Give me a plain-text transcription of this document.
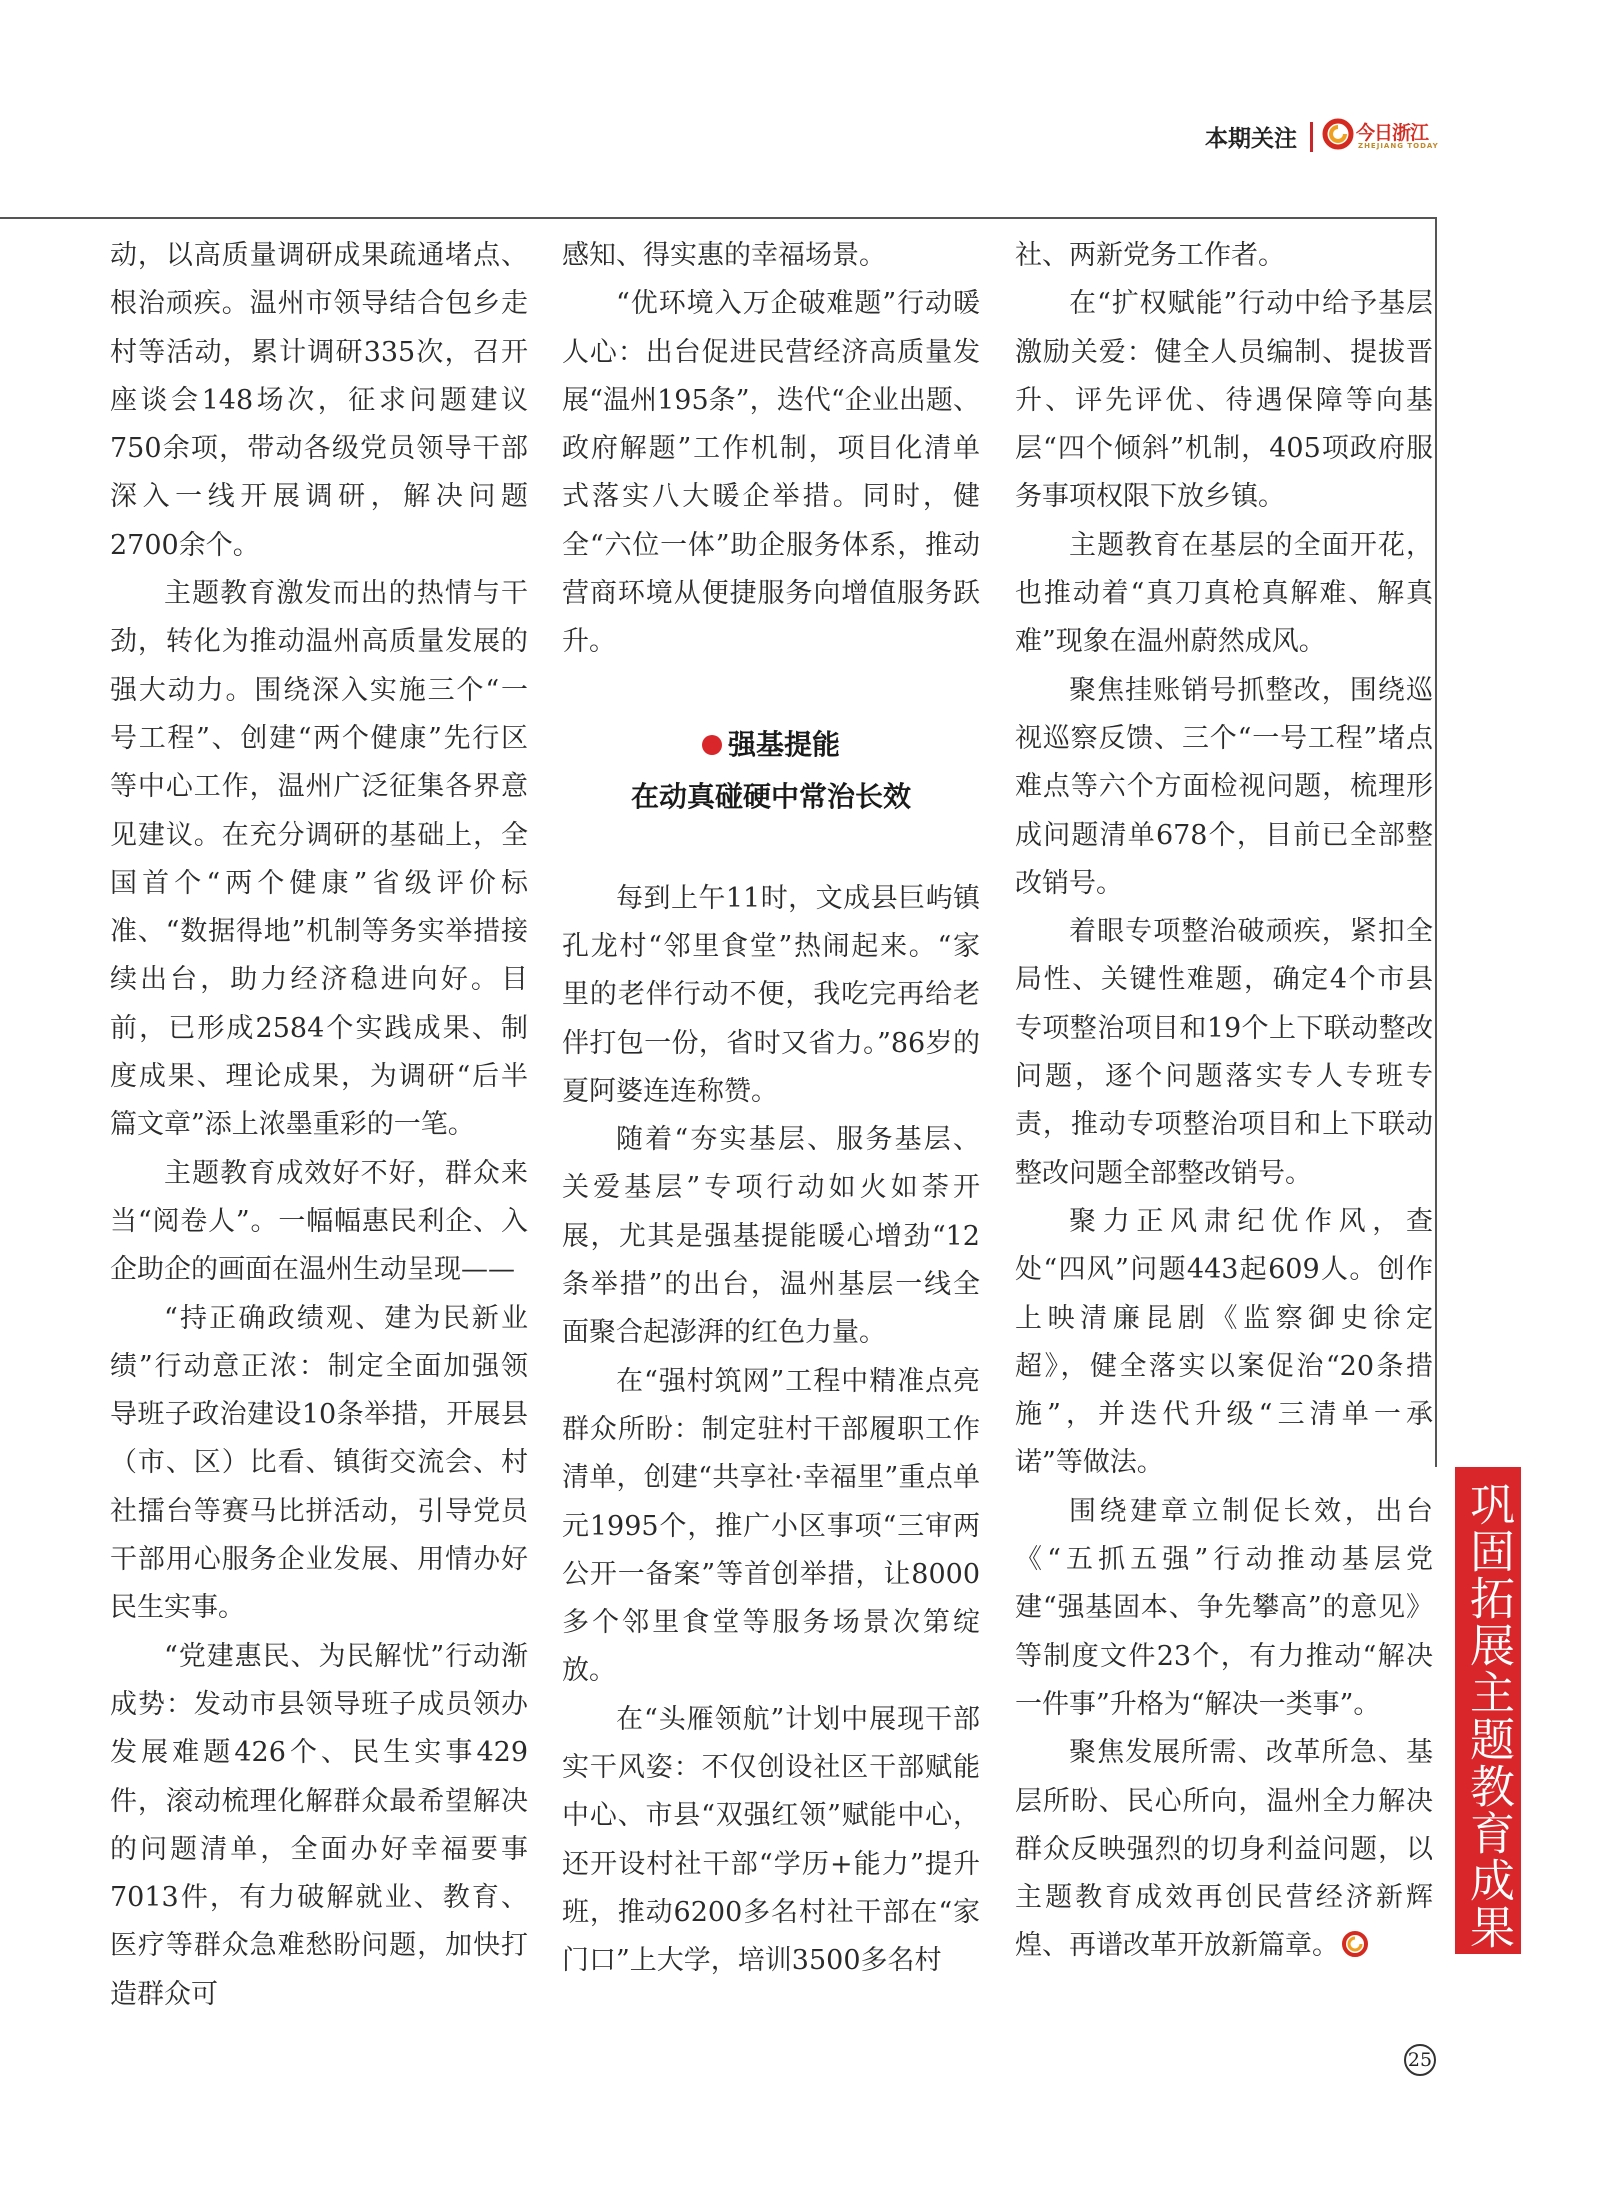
本期关注	今日浙江
ZHEJIANG TODAY

动，以高质量调研成果疏通堵点、根治顽疾。温州市领导结合包乡走村等活动，累计调研335次，召开座谈会148场次，征求问题建议750余项，带动各级党员领导干部深入一线开展调研，解决问题2700余个。

主题教育激发而出的热情与干劲，转化为推动温州高质量发展的强大动力。围绕深入实施三个“一号工程”、创建“两个健康”先行区等中心工作，温州广泛征集各界意见建议。在充分调研的基础上，全国首个“两个健康”省级评价标准、“数据得地”机制等务实举措接续出台，助力经济稳进向好。目前，已形成2584个实践成果、制度成果、理论成果，为调研“后半篇文章”添上浓墨重彩的一笔。

主题教育成效好不好，群众来当“阅卷人”。一幅幅惠民利企、入企助企的画面在温州生动呈现——

“持正确政绩观、建为民新业绩”行动意正浓：制定全面加强领导班子政治建设10条举措，开展县（市、区）比看、镇街交流会、村社擂台等赛马比拼活动，引导党员干部用心服务企业发展、用情办好民生实事。

“党建惠民、为民解忧”行动渐成势：发动市县领导班子成员领办发展难题426个、民生实事429件，滚动梳理化解群众最希望解决的问题清单，全面办好幸福要事7013件，有力破解就业、教育、医疗等群众急难愁盼问题，加快打造群众可

感知、得实惠的幸福场景。

“优环境入万企破难题”行动暖人心：出台促进民营经济高质量发展“温州195条”，迭代“企业出题、政府解题”工作机制，项目化清单式落实八大暖企举措。同时，健全“六位一体”助企服务体系，推动营商环境从便捷服务向增值服务跃升。

强基提能
在动真碰硬中常治长效

每到上午11时，文成县巨屿镇孔龙村“邻里食堂”热闹起来。“家里的老伴行动不便，我吃完再给老伴打包一份，省时又省力。”86岁的夏阿婆连连称赞。

随着“夯实基层、服务基层、关爱基层”专项行动如火如荼开展，尤其是强基提能暖心增劲“12条举措”的出台，温州基层一线全面聚合起澎湃的红色力量。

在“强村筑网”工程中精准点亮群众所盼：制定驻村干部履职工作清单，创建“共享社·幸福里”重点单元1995个，推广小区事项“三审两公开一备案”等首创举措，让8000多个邻里食堂等服务场景次第绽放。

在“头雁领航”计划中展现干部实干风姿：不仅创设社区干部赋能中心、市县“双强红领”赋能中心，还开设村社干部“学历+能力”提升班，推动6200多名村社干部在“家门口”上大学，培训3500多名村

社、两新党务工作者。

在“扩权赋能”行动中给予基层激励关爱：健全人员编制、提拔晋升、评先评优、待遇保障等向基层“四个倾斜”机制，405项政府服务事项权限下放乡镇。

主题教育在基层的全面开花，也推动着“真刀真枪真解难、解真难”现象在温州蔚然成风。

聚焦挂账销号抓整改，围绕巡视巡察反馈、三个“一号工程”堵点难点等六个方面检视问题，梳理形成问题清单678个，目前已全部整改销号。

着眼专项整治破顽疾，紧扣全局性、关键性难题，确定4个市县专项整治项目和19个上下联动整改问题，逐个问题落实专人专班专责，推动专项整治项目和上下联动整改问题全部整改销号。

聚力正风肃纪优作风，查处“四风”问题443起609人。创作上映清廉昆剧《监察御史徐定超》，健全落实以案促治“20条措施”，并迭代升级“三清单一承诺”等做法。

围绕建章立制促长效，出台《“五抓五强”行动推动基层党建“强基固本、争先攀高”的意见》等制度文件23个，有力推动“解决一件事”升格为“解决一类事”。

聚焦发展所需、改革所急、基层所盼、民心所向，温州全力解决群众反映强烈的切身利益问题，以主题教育成效再创民营经济新辉煌、再谱改革开放新篇章。	巩固拓展主题教育成果
25
